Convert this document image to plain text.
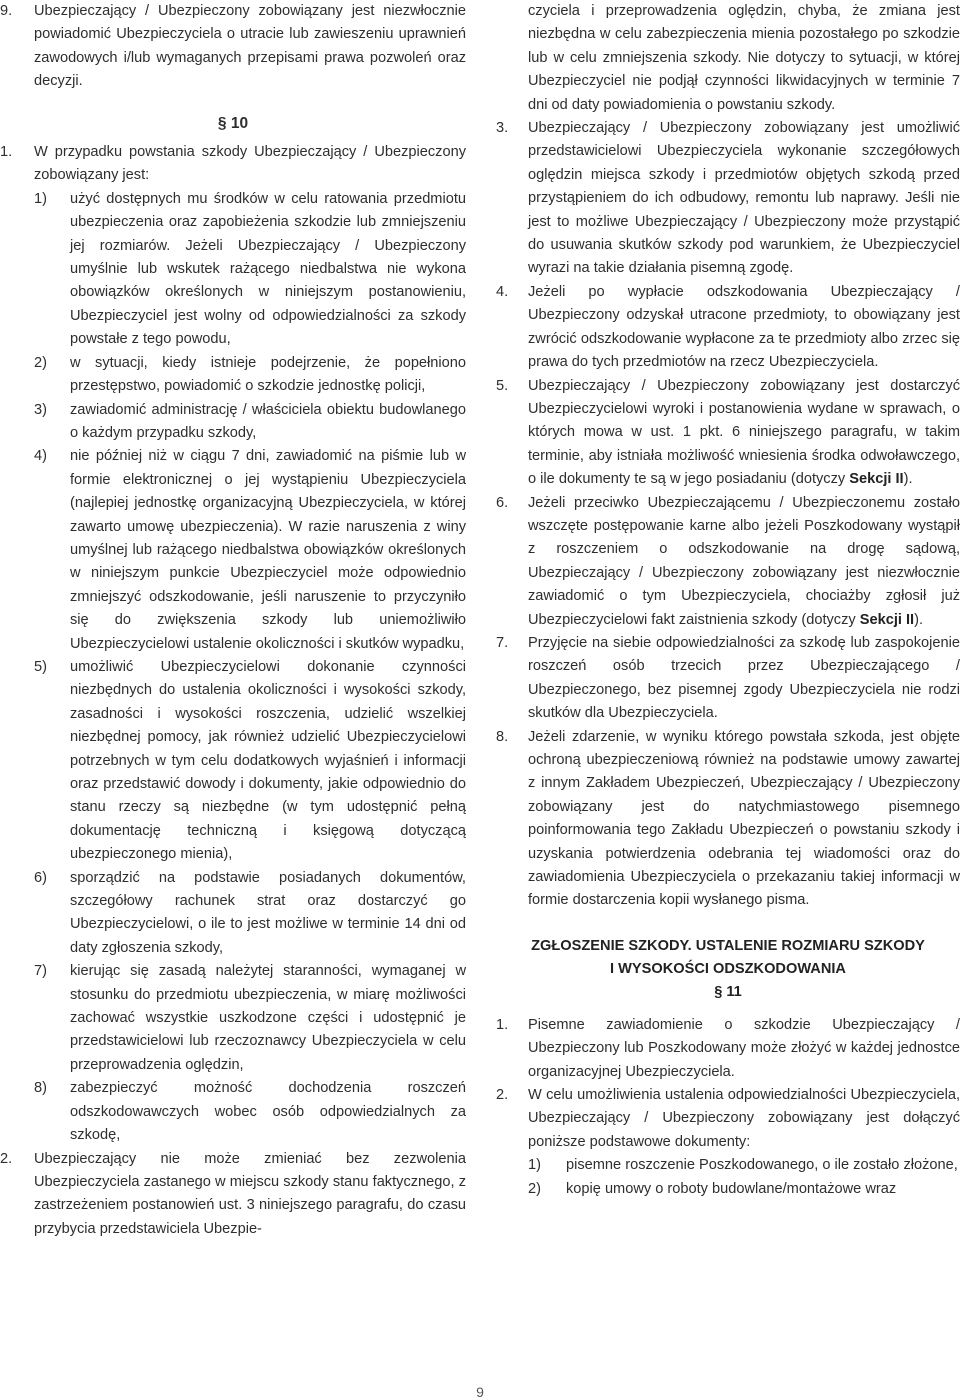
9.	Ubezpieczający / Ubezpieczony zobowiązany jest niezwłocznie powiadomić Ubezpieczyciela o utracie lub zawieszeniu uprawnień zawodowych i/lub wymaganych przepisami prawa pozwoleń oraz decyzji.
§ 10
1.	W przypadku powstania szkody Ubezpieczający / Ubezpieczony zobowiązany jest:
1)	użyć dostępnych mu środków w celu ratowania przedmiotu ubezpieczenia oraz zapobieżenia szkodzie lub zmniejszeniu jej rozmiarów. Jeżeli Ubezpieczający / Ubezpieczony umyślnie lub wskutek rażącego niedbalstwa nie wykona obowiązków określonych w niniejszym postanowieniu, Ubezpieczyciel jest wolny od odpowiedzialności za szkody powstałe z tego powodu,
2)	w sytuacji, kiedy istnieje podejrzenie, że popełniono przestępstwo, powiadomić o szkodzie jednostkę policji,
3)	zawiadomić administrację / właściciela obiektu budowlanego o każdym przypadku szkody,
4)	nie później niż w ciągu 7 dni, zawiadomić na piśmie lub w formie elektronicznej o jej wystąpieniu Ubezpieczyciela (najlepiej jednostkę organizacyjną Ubezpieczyciela, w której zawarto umowę ubezpieczenia). W razie naruszenia z winy umyślnej lub rażącego niedbalstwa obowiązków określonych w niniejszym punkcie Ubezpieczyciel może odpowiednio zmniejszyć odszkodowanie, jeśli naruszenie to przyczyniło się do zwiększenia szkody lub uniemożliwiło Ubezpieczycielowi ustalenie okoliczności i skutków wypadku,
5)	umożliwić Ubezpieczycielowi dokonanie czynności niezbędnych do ustalenia okoliczności i wysokości szkody, zasadności i wysokości roszczenia, udzielić wszelkiej niezbędnej pomocy, jak również udzielić Ubezpieczycielowi potrzebnych w tym celu dodatkowych wyjaśnień i informacji oraz przedstawić dowody i dokumenty, jakie odpowiednio do stanu rzeczy są niezbędne (w tym udostępnić pełną dokumentację techniczną i księgową dotyczącą ubezpieczonego mienia),
6)	sporządzić na podstawie posiadanych dokumentów, szczegółowy rachunek strat oraz dostarczyć go Ubezpieczycielowi, o ile to jest możliwe w terminie 14 dni od daty zgłoszenia szkody,
7)	kierując się zasadą należytej staranności, wymaganej w stosunku do przedmiotu ubezpieczenia, w miarę możliwości zachować wszystkie uszkodzone części i udostępnić je przedstawicielowi lub rzeczoznawcy Ubezpieczyciela w celu przeprowadzenia oględzin,
8)	zabezpieczyć możność dochodzenia roszczeń odszkodowawczych wobec osób odpowiedzialnych za szkodę,
2.	Ubezpieczający nie może zmieniać bez zezwolenia Ubezpieczyciela zastanego w miejscu szkody stanu faktycznego, z zastrzeżeniem postanowień ust. 3 niniejszego paragrafu, do czasu przybycia przedstawiciela Ubezpie-
czyciela i przeprowadzenia oględzin, chyba, że zmiana jest niezbędna w celu zabezpieczenia mienia pozostałego po szkodzie lub w celu zmniejszenia szkody. Nie dotyczy to sytuacji, w której Ubezpieczyciel nie podjął czynności likwidacyjnych w terminie 7 dni od daty powiadomienia o powstaniu szkody.
3.	Ubezpieczający / Ubezpieczony zobowiązany jest umożliwić przedstawicielowi Ubezpieczyciela wykonanie szczegółowych oględzin miejsca szkody i przedmiotów objętych szkodą przed przystąpieniem do ich odbudowy, remontu lub naprawy. Jeśli nie jest to możliwe Ubezpieczający / Ubezpieczony może przystąpić do usuwania skutków szkody pod warunkiem, że Ubezpieczyciel wyrazi na takie działania pisemną zgodę.
4.	Jeżeli po wypłacie odszkodowania Ubezpieczający / Ubezpieczony odzyskał utracone przedmioty, to obowiązany jest zwrócić odszkodowanie wypłacone za te przedmioty albo zrzec się prawa do tych przedmiotów na rzecz Ubezpieczyciela.
5.	Ubezpieczający / Ubezpieczony zobowiązany jest dostarczyć Ubezpieczycielowi wyroki i postanowienia wydane w sprawach, o których mowa w ust. 1 pkt. 6 niniejszego paragrafu, w takim terminie, aby istniała możliwość wniesienia środka odwoławczego, o ile dokumenty te są w jego posiadaniu (dotyczy Sekcji II).
6.	Jeżeli przeciwko Ubezpieczającemu / Ubezpieczonemu zostało wszczęte postępowanie karne albo jeżeli Poszkodowany wystąpił z roszczeniem o odszkodowanie na drogę sądową, Ubezpieczający / Ubezpieczony zobowiązany jest niezwłocznie zawiadomić o tym Ubezpieczyciela, chociażby zgłosił już Ubezpieczycielowi fakt zaistnienia szkody (dotyczy Sekcji II).
7.	Przyjęcie na siebie odpowiedzialności za szkodę lub zaspokojenie roszczeń osób trzecich przez Ubezpieczającego / Ubezpieczonego, bez pisemnej zgody Ubezpieczyciela nie rodzi skutków dla Ubezpieczyciela.
8.	Jeżeli zdarzenie, w wyniku którego powstała szkoda, jest objęte ochroną ubezpieczeniową również na podstawie umowy zawartej z innym Zakładem Ubezpieczeń, Ubezpieczający / Ubezpieczony zobowiązany jest do natychmiastowego pisemnego poinformowania tego Zakładu Ubezpieczeń o powstaniu szkody i uzyskania potwierdzenia odebrania tej wiadomości oraz do zawiadomienia Ubezpieczyciela o przekazaniu takiej informacji w formie dostarczenia kopii wysłanego pisma.
ZGŁOSZENIE SZKODY. USTALENIE ROZMIARU SZKODY
I WYSOKOŚCI ODSZKODOWANIA
§ 11
1.	Pisemne zawiadomienie o szkodzie Ubezpieczający / Ubezpieczony lub Poszkodowany może złożyć w każdej jednostce organizacyjnej Ubezpieczyciela.
2.	W celu umożliwienia ustalenia odpowiedzialności Ubezpieczyciela, Ubezpieczający / Ubezpieczony zobowiązany jest dołączyć poniższe podstawowe dokumenty:
1)	pisemne roszczenie Poszkodowanego, o ile zostało złożone,
2)	kopię umowy o roboty budowlane/montażowe wraz
9
